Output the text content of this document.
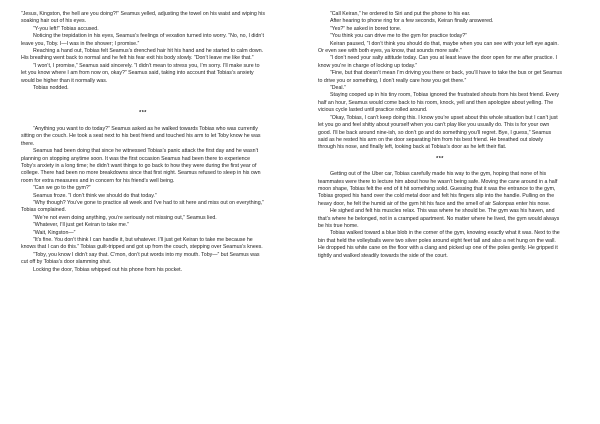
“Jesus, Kingston, the hell are you doing?!” Seamus yelled, adjusting the towel on his waist and wiping his soaking hair out of his eyes.

“Y-you left!” Tobias accused.

Noticing the trepidation in his eyes, Seamus’s feelings of vexation turned into worry. “No, no, I didn’t leave you, Toby. I—I was in the shower; I promise.”

Reaching a hand out, Tobias felt Seamus’s drenched hair hit his hand and he started to calm down. His breathing went back to normal and he felt his fear exit his body slowly. “Don’t leave me like that.”

“I won’t, I promise,” Seamus said sincerely. “I didn’t mean to stress you, I’m sorry. I’ll make sure to let you know where I am from now on, okay?” Seamus said, taking into account that Tobias’s anxiety would be higher than it normally was.

Tobias nodded.

***

“Anything you want to do today?” Seamus asked as he walked towards Tobias who was currently sitting on the couch. He took a seat next to his best friend and touched his arm to let Toby know he was there.

Seamus had been doing that since he witnessed Tobias’s panic attack the first day and he wasn’t planning on stopping anytime soon. It was the first occasion Seamus had been there to experience Toby’s anxiety in a long time; he didn’t want things to go back to how they were during the first year of college. There had been no more breakdowns since that first night. Seamus refused to sleep in his own room for extra measures and in concern for his friend’s well being.

“Can we go to the gym?”

Seamus froze. “I don’t think we should do that today.”

“Why though? You’ve gone to practice all week and I’ve had to sit here and miss out on everything,” Tobias complained.

“We’re not even doing anything, you’re seriously not missing out,” Seamus lied.

“Whatever, I’ll just get Keiran to take me.”

“Wait, Kingston—”

“It’s fine. You don’t think I can handle it, but whatever. I’ll just get Keiran to take me because he knows that I can do this.” Tobias guilt-tripped and got up from the couch, stepping over Seamus’s knees.

“Toby, you know I didn’t say that. C’mon, don’t put words into my mouth. Toby—” but Seamus was cut off by Tobias’s door slamming shut.

Locking the door, Tobias whipped out his phone from his pocket.

“Call Keiran,” he ordered to Siri and put the phone to his ear.

After hearing to phone ring for a few seconds, Keiran finally answered.

“Yes?” he asked in bored tone.

“You think you can drive me to the gym for practice today?”

Keiran paused, “I don’t think you should do that, maybe when you can see with your left eye again. Or even see with both eyes, ya know, that sounds more safe.”

“I don’t need your salty attitude today. Can you at least leave the door open for me after practice. I know you’re in charge of locking up today.”

“Fine, but that doesn’t mean I’m driving you there or back, you’ll have to take the bus or get Seamus to drive you or something, I don’t really care how you get there.”

“Deal.”

Staying cooped up in his tiny room, Tobias ignored the frustrated shouts from his best friend. Every half an hour, Seamus would come back to his room, knock, yell and then apologize about yelling. The vicious cycle lasted until practice rolled around.

“Okay, Tobias, I can’t keep doing this. I know you’re upset about this whole situation but I can’t just let you go and feel shitty about yourself when you can’t play like you usually do. This is for your own good. I’ll be back around nine-ish, so don’t go and do something you’ll regret. Bye, I guess,” Seamus said as he rested his arm on the door separating him from his best friend. He breathed out slowly through his nose, and finally left, looking back at Tobias’s door as he left their flat.

***

Getting out of the Uber car, Tobias carefully made his way to the gym, hoping that none of his teammates were there to lecture him about how he wasn’t being safe. Moving the cane around in a half moon shape, Tobias felt the end of it hit something solid. Guessing that it was the entrance to the gym, Tobias groped his hand over the cold metal door and felt his fingers slip into the handle. Pulling on the heavy door, he felt the humid air of the gym hit his face and the smell of air Salonpas enter his nose.

He sighed and felt his muscles relax. This was where he should be. The gym was his haven, and that’s where he belonged, not in a cramped apartment. No matter where he lived, the gym would always be his true home.

Tobias walked toward a blue blob in the corner of the gym, knowing exactly what it was. Next to the bin that held the volleyballs were two silver poles around eight feet tall and also a net hung on the wall. He dropped his white cane on the floor with a clang and picked up one of the poles gently. He gripped it tightly and walked steadily towards the side of the court.
